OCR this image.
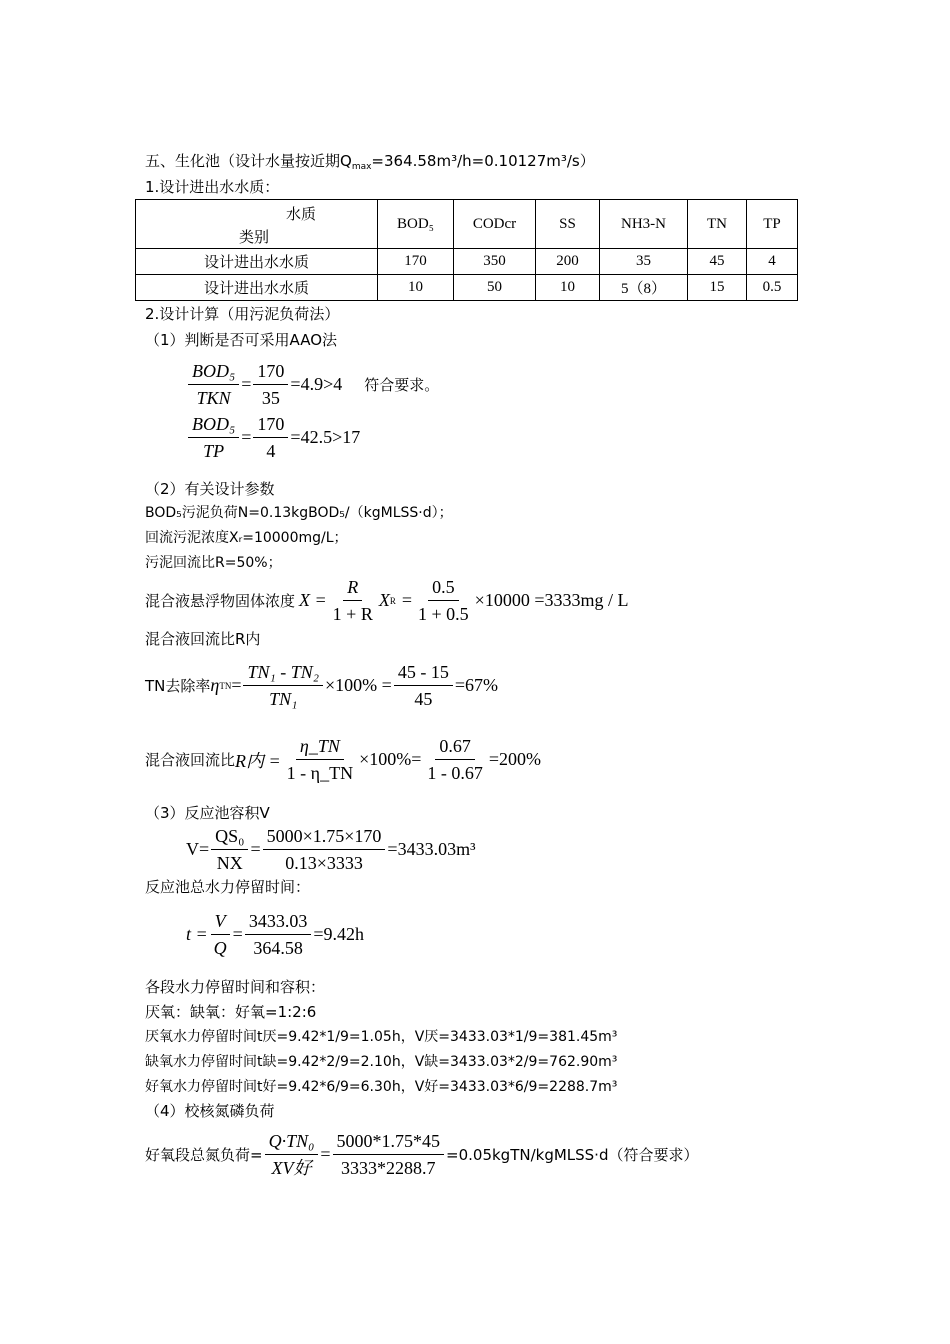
五、生化池（设计水量按近期$Q_{max}=364.58m^3/h=0.10127m^3/s$）
1.设计进出水水质：
水质
类别	BOD₅	CODcr	SS	NH3-N	TN	TP
设计进出水水质	170	350	200	35	45	4
设计进出水水质	10	50	10	5（8）	15	0.5
2.设计计算（用污泥负荷法）
（1）判断是否可采用AAO法
$\frac{\text{BOD₅}}{\text{TKN}} = \frac{170}{35} =4.9>4$ 符合要求。
$\frac{\text{BOD₅}}{TP} = \frac{170}{4} =42.5>17$
（2）有关设计参数
BOD₅污泥负荷N=0.13kgBOD₅/（kgMLSS·d）；
回流污泥浓度Xᵣ=10000mg/L；
污泥回流比R=50%；
混合液悬浮物固体浓度 $X = \frac{R}{1 + R}$ X $R = \frac{0.5}{1 + 0.5} \times 10000 =3333mg / L$
混合液回流比R内
TN去除率 η TN = $\frac{\text{TN₁ - TN₂}}{\text{TN₁}} \times 100\% = \frac{45 - 15}{45} =67\%$
混合液回流比 R内 = $\frac{\eta\_TN}{1 - \eta\_TN} \times 100\%= \frac{0.67}{1 - 0.67} =200\%$
（3）反应池容积V
$V= \frac{\text{QS₀}}{NX} = \frac{5000\times 1.75\times 170}{0.13\times 3333} =3433.03m^3$
反应池总水力停留时间：
$t = \frac{V}{Q} = \frac{3433.03}{364.58} =9.42h$
各段水力停留时间和容积：
厌氧：缺氧：好氧=1:2:6
厌氧水力停留时间t厌=9.42*1/9=1.05h，V厌=3433.03*1/9=381.45m³
缺氧水力停留时间t缺=9.42*2/9=2.10h，V缺=3433.03*2/9=762.90m³
好氧水力停留时间t好=9.42*6/9=6.30h，V好=3433.03*6/9=2288.7m³
（4）校核氮磷负荷
好氧段总氮负荷= $\frac{\text{Q·TN₀}}{\text{XV好}} = \frac{5000*1.75*45}{3333*2288.7}$ =0.05kgTN/kgMLSS·d（符合要求）
